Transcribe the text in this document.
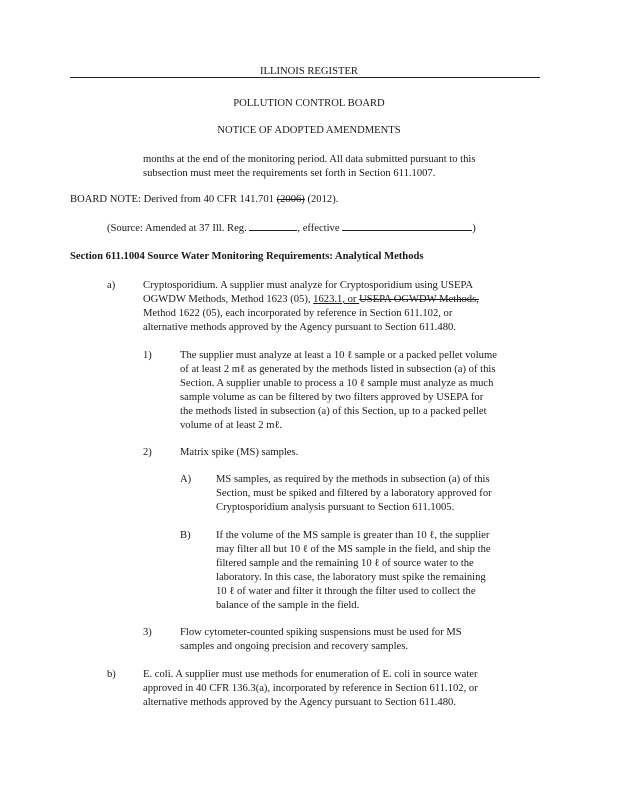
ILLINOIS REGISTER
POLLUTION CONTROL BOARD
NOTICE OF ADOPTED AMENDMENTS
months at the end of the monitoring period. All data submitted pursuant to this
subsection must meet the requirements set forth in Section 611.1007.
BOARD NOTE: Derived from 40 CFR 141.701 (2006) (2012).
(Source: Amended at 37 Ill. Reg.	, effective	)
Section 611.1004 Source Water Monitoring Requirements: Analytical Methods
a)	Cryptosporidium. A supplier must analyze for Cryptosporidium using USEPA
OGWDW Methods, Method 1623 (05), 1623.1, or USEPA OGWDW Methods,
Method 1622 (05), each incorporated by reference in Section 611.102, or
alternative methods approved by the Agency pursuant to Section 611.480.
1)	The supplier must analyze at least a 10 ℓ sample or a packed pellet volume
of at least 2 mℓ as generated by the methods listed in subsection (a) of this
Section. A supplier unable to process a 10 ℓ sample must analyze as much
sample volume as can be filtered by two filters approved by USEPA for
the methods listed in subsection (a) of this Section, up to a packed pellet
volume of at least 2 mℓ.
2)	Matrix spike (MS) samples.
A) MS samples, as required by the methods in subsection (a) of this
Section, must be spiked and filtered by a laboratory approved for
Cryptosporidium analysis pursuant to Section 611.1005.
B) If the volume of the MS sample is greater than 10 ℓ, the supplier
may filter all but 10 ℓ of the MS sample in the field, and ship the
filtered sample and the remaining 10 ℓ of source water to the
laboratory. In this case, the laboratory must spike the remaining
10 ℓ of water and filter it through the filter used to collect the
balance of the sample in the field.
3)	Flow cytometer-counted spiking suspensions must be used for MS
samples and ongoing precision and recovery samples.
b)	E. coli. A supplier must use methods for enumeration of E. coli in source water
approved in 40 CFR 136.3(a), incorporated by reference in Section 611.102, or
alternative methods approved by the Agency pursuant to Section 611.480.
